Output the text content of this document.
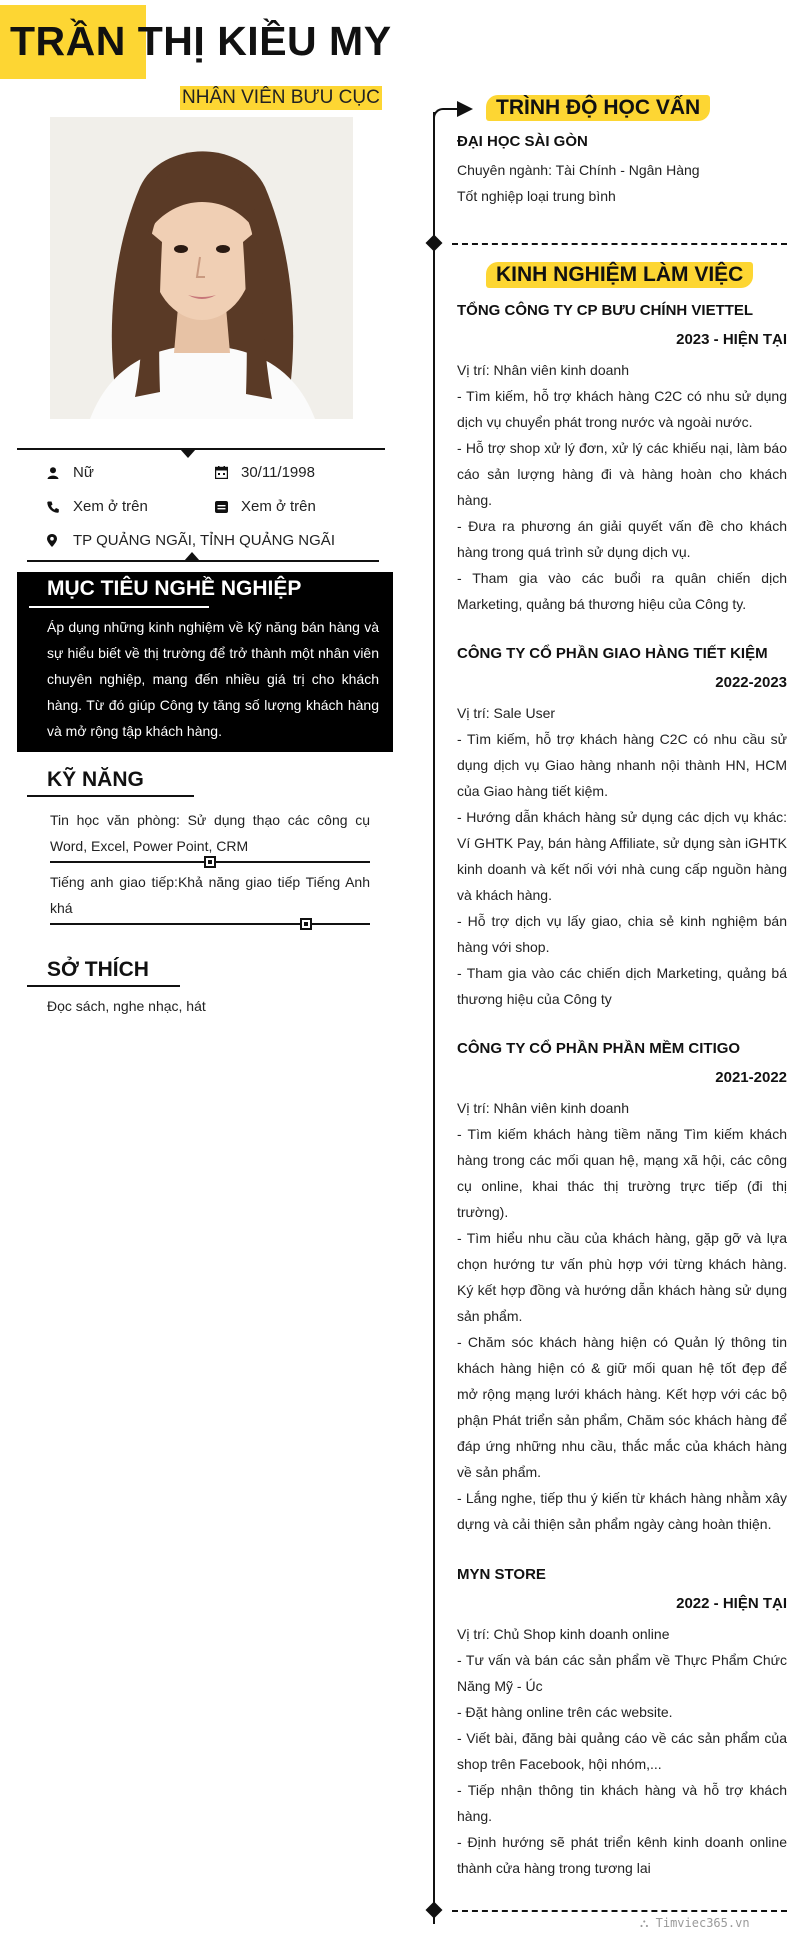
TRẦN THỊ KIỀU MY
NHÂN VIÊN BƯU CỤC
Nữ	30/11/1998
Xem ở trên	Xem ở trên
TP QUẢNG NGÃI, TỈNH QUẢNG NGÃI
MỤC TIÊU NGHỀ NGHIỆP
Áp dụng những kinh nghiệm về kỹ năng bán hàng và sự hiểu biết về thị trường để trở thành một nhân viên chuyên nghiệp, mang đến nhiều giá trị cho khách hàng. Từ đó giúp Công ty tăng số lượng khách hàng và mở rộng tập khách hàng.
KỸ NĂNG
Tin học văn phòng: Sử dụng thạo các công cụ Word, Excel, Power Point, CRM
Tiếng anh giao tiếp:Khả năng giao tiếp Tiếng Anh khá
SỞ THÍCH
Đọc sách, nghe nhạc, hát
TRÌNH ĐỘ HỌC VẤN
ĐẠI HỌC SÀI GÒN
Chuyên ngành: Tài Chính - Ngân Hàng
Tốt nghiệp loại trung bình
KINH NGHIỆM LÀM VIỆC
TỔNG CÔNG TY CP BƯU CHÍNH VIETTEL
2023 - HIỆN TẠI
Vị trí: Nhân viên kinh doanh
- Tìm kiếm, hỗ trợ khách hàng C2C có nhu sử dụng dịch vụ chuyển phát trong nước và ngoài nước.
- Hỗ trợ shop xử lý đơn, xử lý các khiếu nại, làm báo cáo sản lượng hàng đi và hàng hoàn cho khách hàng.
- Đưa ra phương án giải quyết vấn đề cho khách hàng trong quá trình sử dụng dịch vụ.
- Tham gia vào các buổi ra quân chiến dịch Marketing, quảng bá thương hiệu của Công ty.
CÔNG TY CỔ PHẦN GIAO HÀNG TIẾT KIỆM
2022-2023
Vị trí: Sale User
- Tìm kiếm, hỗ trợ khách hàng C2C có nhu cầu sử dụng dịch vụ Giao hàng nhanh nội thành HN, HCM của Giao hàng tiết kiệm.
- Hướng dẫn khách hàng sử dụng các dịch vụ khác: Ví GHTK Pay, bán hàng Affiliate, sử dụng sàn iGHTK kinh doanh và kết nối với nhà cung cấp nguồn hàng và khách hàng.
- Hỗ trợ dịch vụ lấy giao, chia sẻ kinh nghiệm bán hàng với shop.
- Tham gia vào các chiến dịch Marketing, quảng bá thương hiệu của Công ty
CÔNG TY CỔ PHẦN PHẦN MỀM CITIGO
2021-2022
Vị trí: Nhân viên kinh doanh
- Tìm kiếm khách hàng tiềm năng Tìm kiếm khách hàng trong các mối quan hệ, mạng xã hội, các công cụ online, khai thác thị trường trực tiếp (đi thị trường).
- Tìm hiểu nhu cầu của khách hàng, gặp gỡ và lựa chọn hướng tư vấn phù hợp với từng khách hàng. Ký kết hợp đồng và hướng dẫn khách hàng sử dụng sản phẩm.
- Chăm sóc khách hàng hiện có Quản lý thông tin khách hàng hiện có & giữ mối quan hệ tốt đẹp để mở rộng mạng lưới khách hàng. Kết hợp với các bộ phận Phát triển sản phẩm, Chăm sóc khách hàng để đáp ứng những nhu cầu, thắc mắc của khách hàng về sản phẩm.
- Lắng nghe, tiếp thu ý kiến từ khách hàng nhằm xây dựng và cải thiện sản phẩm ngày càng hoàn thiện.
MYN STORE
2022 - HIỆN TẠI
Vị trí: Chủ Shop kinh doanh online
- Tư vấn và bán các sản phẩm về Thực Phẩm Chức Năng Mỹ - Úc
- Đặt hàng online trên các website.
- Viết bài, đăng bài quảng cáo về các sản phẩm của shop trên Facebook, hội nhóm,...
- Tiếp nhận thông tin khách hàng và hỗ trợ khách hàng.
- Định hướng sẽ phát triển kênh kinh doanh online thành cửa hàng trong tương lai
⛬ Timviec365.vn
